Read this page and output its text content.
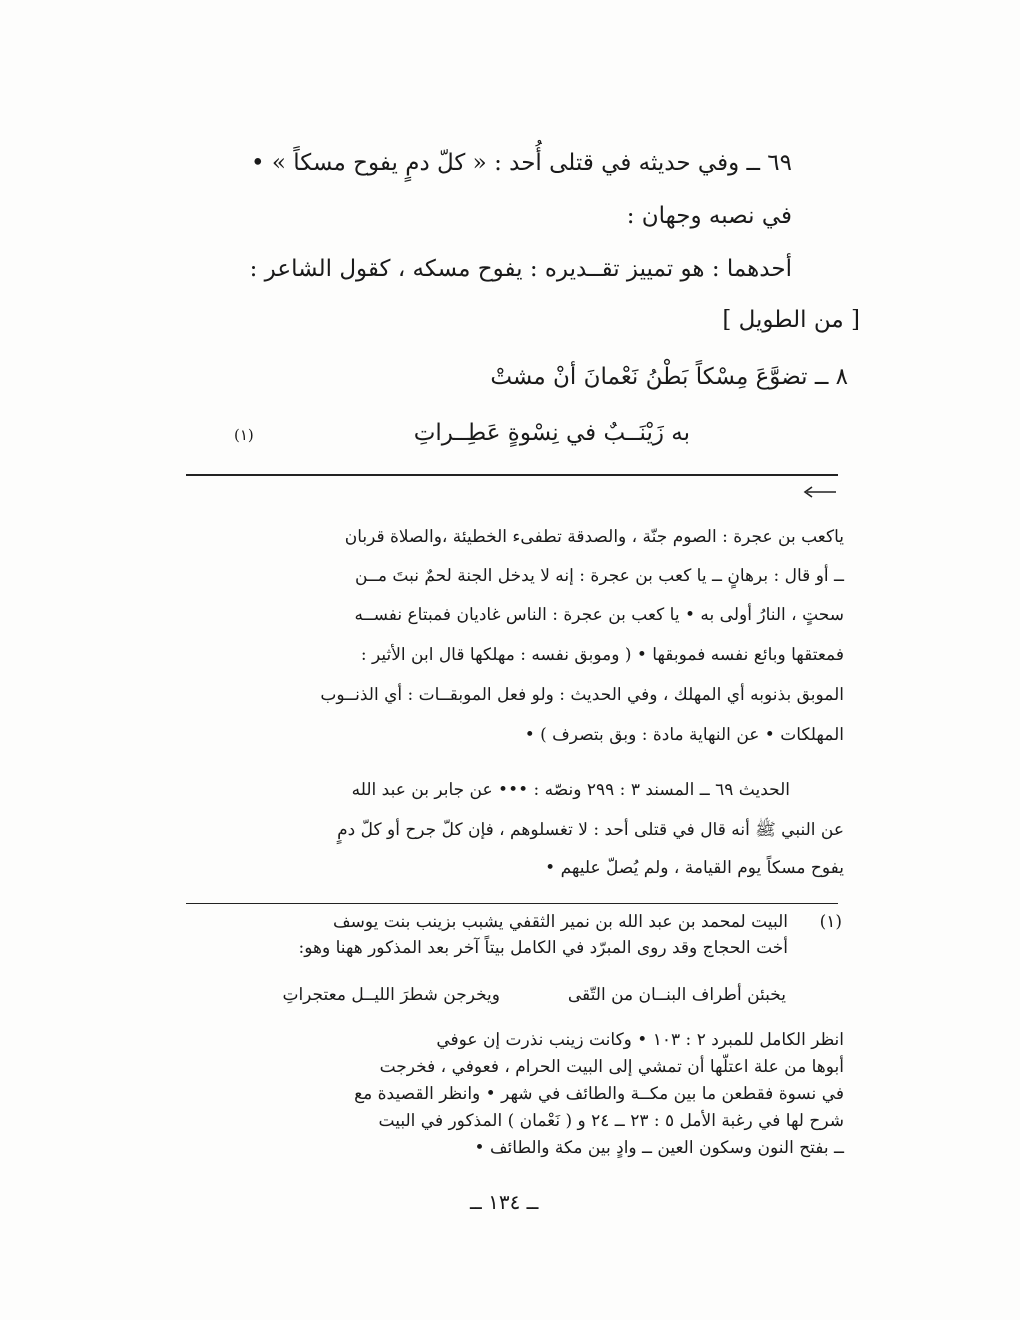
٦٩ ــ وفي حديثه في قتلى أُحد : « كلّ دمٍ يفوح مسكاً » •
في نصبه وجهان :
أحدهما : هو تمييز تقــديره : يفوح مسكه ، كقول الشاعر :
[ من الطويل ]
٨ ــ تضوَّعَ مِسْكاً بَطْنُ نَعْمانَ أنْ مشتْ
به زَيْنَــبٌ في نِسْوةٍ عَطِــراتِ
(١)
ياكعب بن عجرة : الصوم جنّة ، والصدقة تطفىء الخطيئة ،والصلاة قربان
ــ أو قال : برهانٍ ــ يا كعب بن عجرة : إنه لا يدخل الجنة لحمٌ نبتَ مــن
سحتٍ ، النارُ أولى به • يا كعب بن عجرة : الناس غاديان فمبتاع نفســه
فمعتقها وبائع نفسه فموبقها • ( وموبق نفسه : مهلكها قال ابن الأثير :
الموبق بذنوبه أي المهلك ، وفي الحديث : ولو فعل الموبقــات : أي الذنــوب
المهلكات • عن النهاية مادة : وبق بتصرف ) •
الحديث ٦٩ ــ المسند ٣ : ٢٩٩ ونصّه : ••• عن جابر بن عبد الله
عن النبي ﷺ أنه قال في قتلى أحد : لا تغسلوهم ، فإن كلّ جرح أو كلّ دمٍ
يفوح مسكاً يوم القيامة ، ولم يُصلّ عليهم •
(١)
البيت لمحمد بن عبد الله بن نمير الثقفي يشبب بزينب بنت يوسف
أخت الحجاج وقد روى المبرّد في الكامل بيتاً آخر بعد المذكور ههنا وهو:
يخبئن أطراف البنــان من التّقى
ويخرجن شطرَ الليــل معتجراتِ
انظر الكامل للمبرد ٢ : ١٠٣ • وكانت زينب نذرت إن عوفي
أبوها من علة اعتلّها أن تمشي إلى البيت الحرام ، فعوفي ، فخرجت
في نسوة فقطعن ما بين مكــة والطائف في شهر • وانظر القصيدة مع
شرح لها في رغبة الأمل ٥ : ٢٣ ــ ٢٤ و ( نَعْمان ) المذكور في البيت
ــ بفتح النون وسكون العين ــ وادٍ بين مكة والطائف •
ــ ١٣٤ ــ
